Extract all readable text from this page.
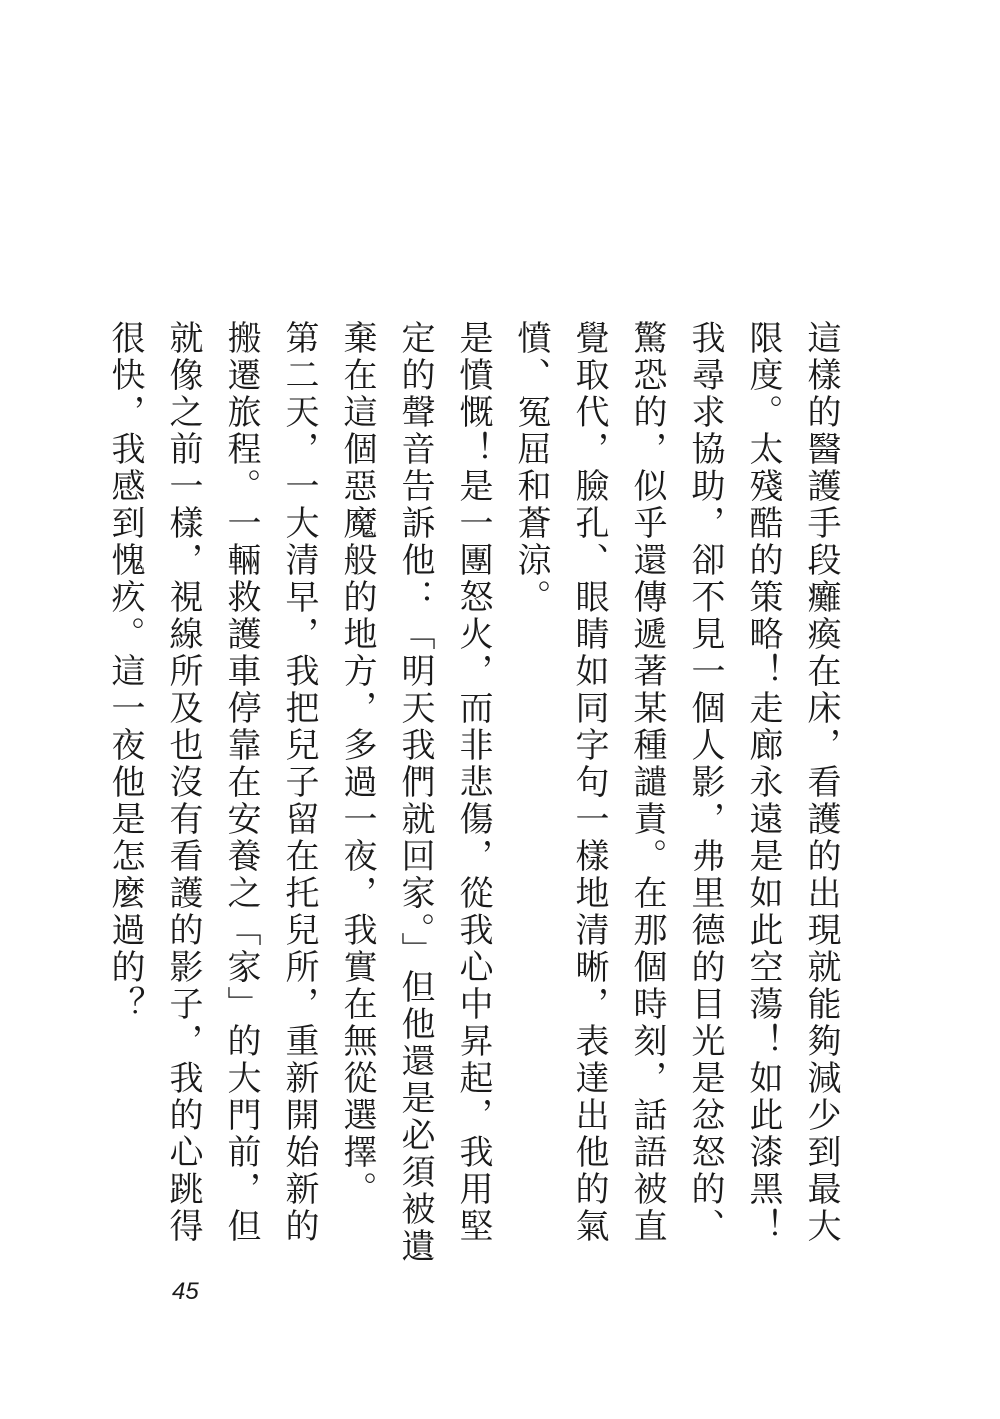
這樣的醫護手段癱瘓在床，看護的出現就能夠減少到最大限度。太殘酷的策略！走廊永遠是如此空蕩！如此漆黑！我尋求協助，卻不見一個人影，弗里德的目光是忿怒的、驚恐的，似乎還傳遞著某種譴責。在那個時刻，話語被直覺取代，臉孔、眼睛如同字句一樣地清晰，表達出他的氣憤、冤屈和蒼涼。

是憤慨！是一團怒火，而非悲傷，從我心中昇起，我用堅定的聲音告訴他：「明天我們就回家。」但他還是必須被遺棄在這個惡魔般的地方，多過一夜，我實在無從選擇。

第二天，一大清早，我把兒子留在托兒所，重新開始新的搬遷旅程。一輛救護車停靠在安養之「家」的大門前，但就像之前一樣，視線所及也沒有看護的影子，我的心跳得很快，我感到愧疚。這一夜他是怎麼過的？

45
